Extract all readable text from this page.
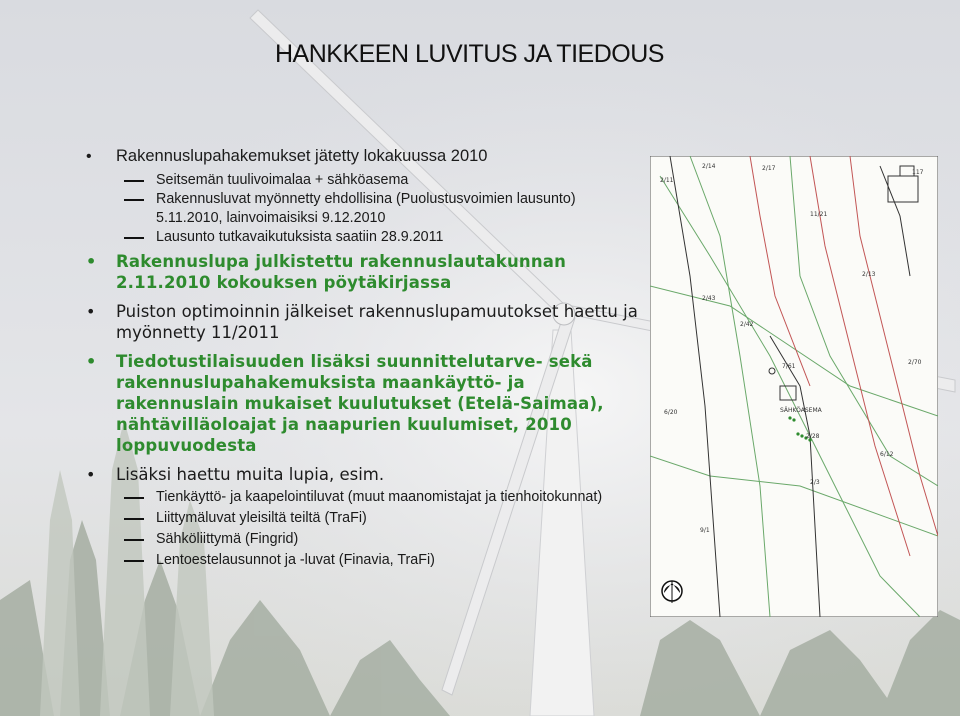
HANKKEEN LUVITUS JA TIEDOUS
• Rakennuslupahakemukset jätetty lokakuussa 2010
Seitsemän tuulivoimalaa + sähköasema
Rakennusluvat myönnetty ehdollisina (Puolustusvoimien lausunto) 5.11.2010, lainvoimaisiksi 9.12.2010
Lausunto tutkavaikutuksista saatiin 28.9.2011
• Rakennuslupa julkistettu rakennuslautakunnan 2.11.2010 kokouksen pöytäkirjassa
• Puiston optimoinnin jälkeiset rakennuslupamuutokset haettu ja myönnetty 11/2011
• Tiedotustilaisuuden lisäksi suunnittelutarve- sekä rakennuslupahakemuksista maankäyttö- ja rakennuslain mukaiset kuulutukset (Etelä-Saimaa), nähtävilläoloajat ja naapurien kuulumiset, 2010 loppuvuodesta
• Lisäksi haettu muita lupia, esim.
Tienkäyttö- ja kaapelointiluvat (muut maanomistajat ja tienhoitokunnat)
Liittymäluvat yleisiltä teiltä (TraFi)
Sähköliittymä (Fingrid)
Lentoestelausunnot ja -luvat (Finavia, TraFi)
2/11
2/14	2/17
117
2/43
2/13
2/70
2/42
2/28
11/21
7/61
6/20
6/12
2/3
SÄHKÖASEMA
9/1
